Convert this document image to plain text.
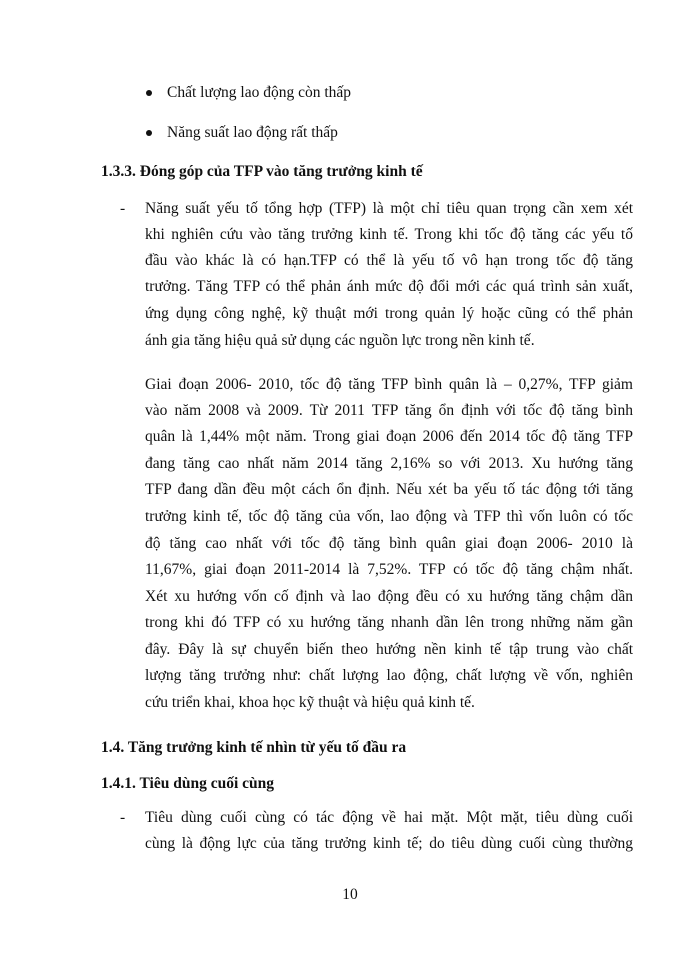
Chất lượng lao động còn thấp
Năng suất lao động rất thấp
1.3.3. Đóng góp của TFP vào tăng trưởng kinh tế
- Năng suất yếu tố tổng hợp (TFP) là một chỉ tiêu quan trọng cần xem xét
khi nghiên cứu vào tăng trưởng kinh tế. Trong khi tốc độ tăng các yếu tố
đầu vào khác là có hạn.TFP có thể là yếu tố vô hạn trong tốc độ tăng
trưởng. Tăng TFP có thể phản ánh mức độ đổi mới các quá trình sản xuất,
ứng dụng công nghệ, kỹ thuật mới trong quản lý hoặc cũng có thể phản
ánh gia tăng hiệu quả sử dụng các nguồn lực trong nền kinh tế.
Giai đoạn 2006- 2010, tốc độ tăng TFP bình quân là – 0,27%, TFP giảm
vào năm 2008 và 2009. Từ 2011 TFP tăng ổn định với tốc độ tăng bình
quân là 1,44% một năm. Trong giai đoạn 2006 đến 2014 tốc độ tăng TFP
đang tăng cao nhất năm 2014 tăng 2,16% so với 2013. Xu hướng tăng
TFP đang dần đều một cách ổn định. Nếu xét ba yếu tố tác động tới tăng
trưởng kinh tế, tốc độ tăng của vốn, lao động và TFP thì vốn luôn có tốc
độ tăng cao nhất với tốc độ tăng bình quân giai đoạn 2006- 2010 là
11,67%, giai đoạn 2011-2014 là 7,52%. TFP có tốc độ tăng chậm nhất.
Xét xu hướng vốn cố định và lao động đều có xu hướng tăng chậm dần
trong khi đó TFP có xu hướng tăng nhanh dần lên trong những năm gần
đây. Đây là sự chuyển biến theo hướng nền kinh tế tập trung vào chất
lượng tăng trưởng như: chất lượng lao động, chất lượng về vốn, nghiên
cứu triển khai, khoa học kỹ thuật và hiệu quả kinh tế.
1.4. Tăng trưởng kinh tế nhìn từ yếu tố đầu ra
1.4.1. Tiêu dùng cuối cùng
- Tiêu dùng cuối cùng có tác động về hai mặt. Một mặt, tiêu dùng cuối
cùng là động lực của tăng trưởng kinh tế; do tiêu dùng cuối cùng thường
10
